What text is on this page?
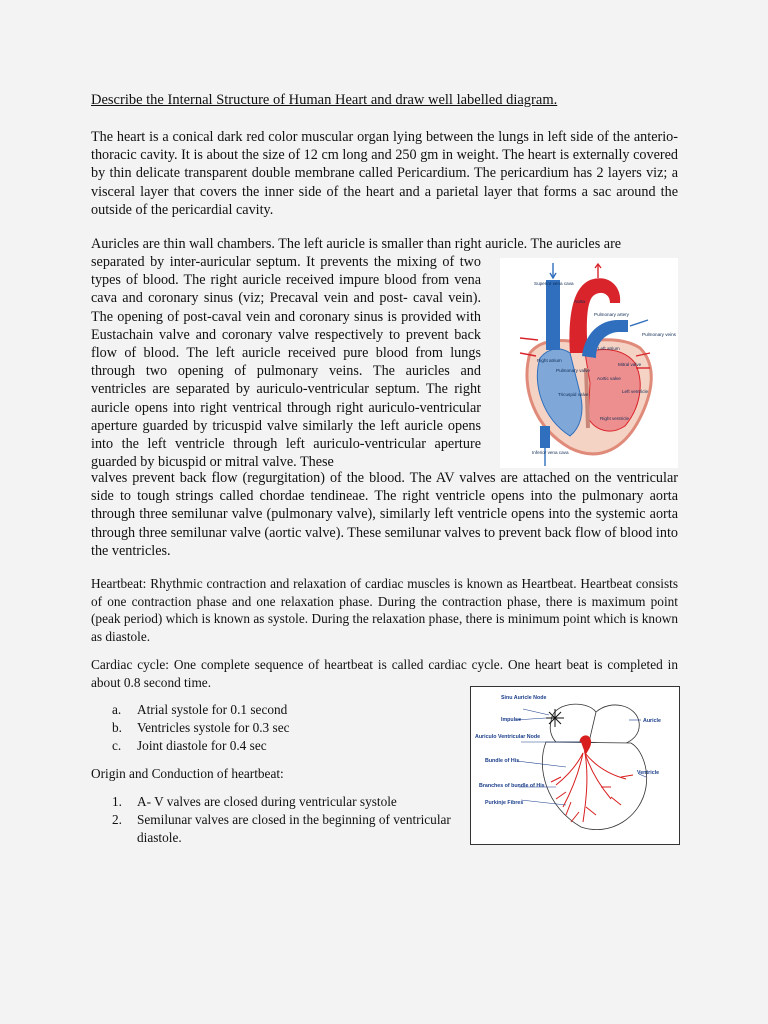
Describe the Internal Structure of Human Heart and draw well labelled diagram.
The heart is a conical dark red color muscular organ lying between the lungs in left side of the anterio- thoracic cavity. It is about the size of 12 cm long and 250 gm in weight. The heart is externally covered by thin delicate transparent double membrane called Pericardium. The pericardium has 2 layers viz; a visceral layer that covers the inner side of the heart and a parietal layer that forms a sac around the outside of the pericardial cavity.
Auricles are thin wall chambers. The left auricle is smaller than right auricle. The auricles are
separated by inter-auricular septum. It prevents the mixing of two types of blood. The right auricle received impure blood from vena cava and coronary sinus (viz; Precaval vein and post- caval vein). The opening of post-caval vein and coronary sinus is provided with Eustachain valve and coronary valve respectively to prevent back flow of blood. The left auricle received pure blood from lungs through two opening of pulmonary veins. The auricles and ventricles are separated by auriculo-ventricular septum. The right auricle opens into right ventrical through right auriculo-ventricular aperture guarded by tricuspid valve similarly the left auricle opens into the left ventricle through left auriculo-ventricular aperture guarded by bicuspid or mitral valve. These
valves prevent back flow (regurgitation) of the blood. The AV valves are attached on the ventricular side to tough strings called chordae tendineae. The right ventricle opens into the pulmonary aorta through three semilunar valve (pulmonary valve), similarly left ventricle opens into the systemic aorta through three semilunar valve (aortic valve). These semilunar valves to prevent back flow of blood into the ventricles.
Superior vena cava
Aorta
Pulmonary artery
Pulmonary veins
Left atrium
Mitral valve
Aortic valve
Left ventricle
Right atrium
Pulmonary valve
Tricuspid valve
Right ventricle
Inferior vena cava
Heartbeat: Rhythmic contraction and relaxation of cardiac muscles is known as Heartbeat. Heartbeat consists of one contraction phase and one relaxation phase. During the contraction phase, there is maximum point (peak period) which is known as systole. During the relaxation phase, there is minimum point which is known as diastole.
Cardiac cycle: One complete sequence of heartbeat is called cardiac cycle. One heart beat is completed in about 0.8 second time.
a.	Atrial systole for 0.1 second
b.	Ventricles systole for 0.3 sec
c.	Joint diastole for 0.4 sec
Origin and Conduction of heartbeat:
1.	A- V valves are closed during ventricular systole
2.	Semilunar valves are closed in the beginning of ventricular diastole.
Sinu Auricle Node
Impulse
Auriculo Ventricular Node
Bundle of His
Branches of bundle of His
Purkinje Fibres
Auricle
Ventricle
